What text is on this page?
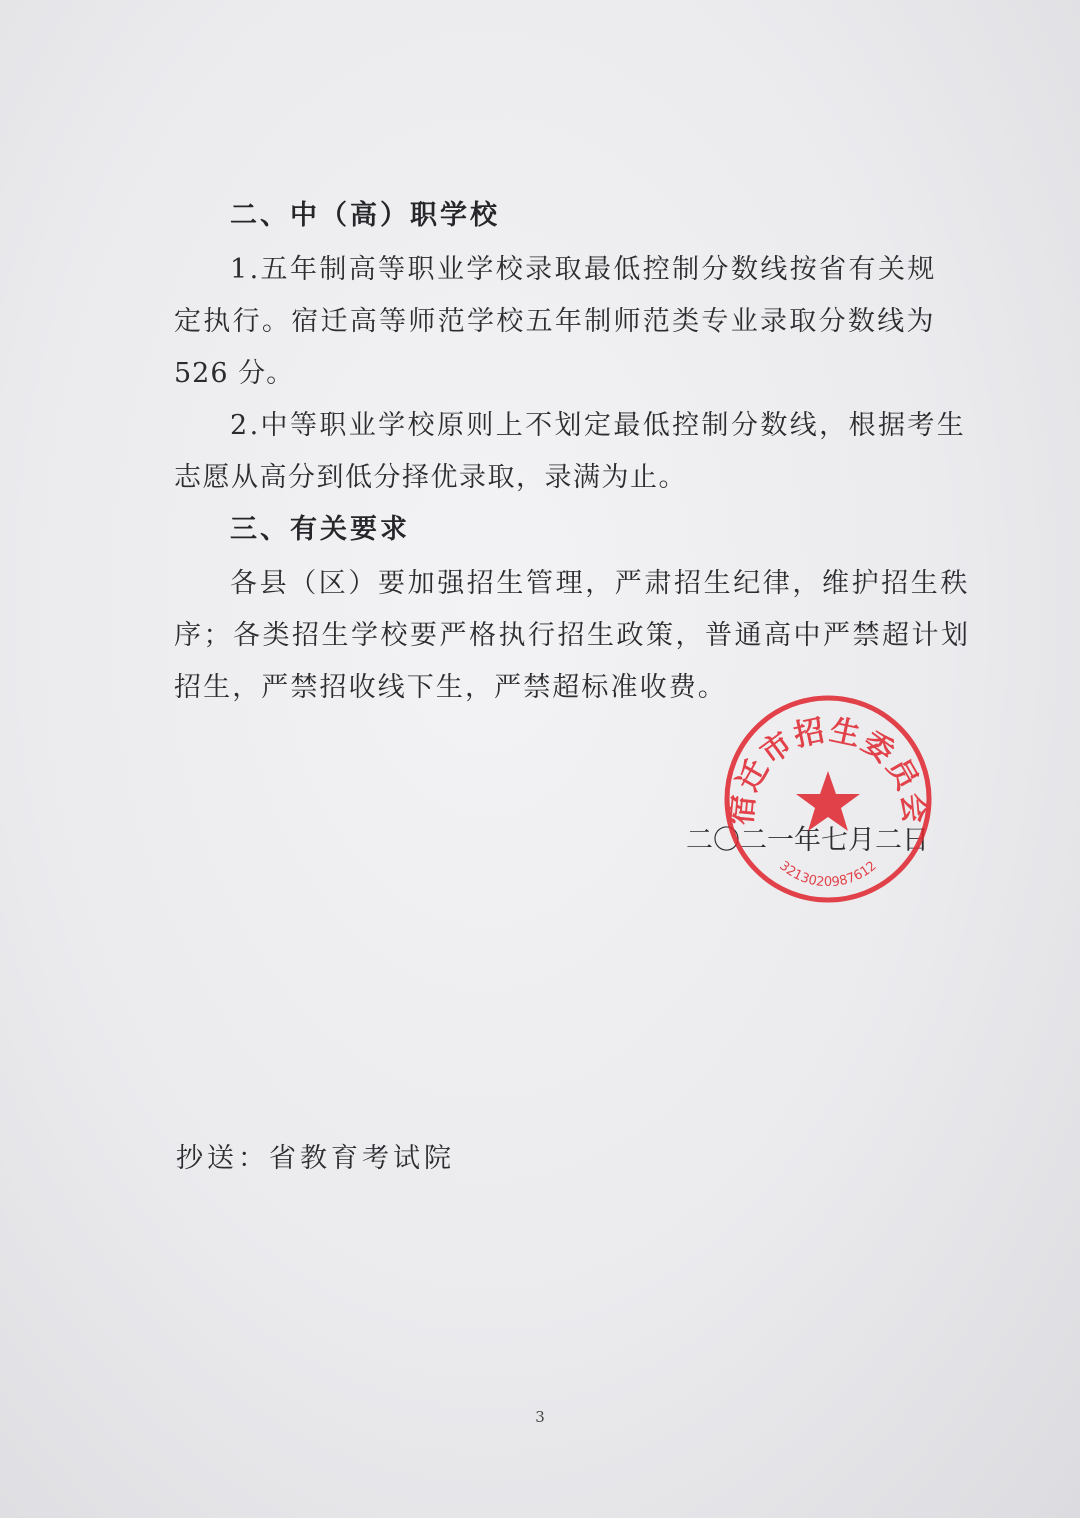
二、中（高）职学校
1.五年制高等职业学校录取最低控制分数线按省有关规
定执行。宿迁高等师范学校五年制师范类专业录取分数线为
526 分。
2.中等职业学校原则上不划定最低控制分数线，根据考生
志愿从高分到低分择优录取，录满为止。
三、有关要求
各县（区）要加强招生管理，严肃招生纪律，维护招生秩
序；各类招生学校要严格执行招生政策，普通高中严禁超计划
招生，严禁招收线下生，严禁超标准收费。
二〇二一年七月二日
宿迁市招生委员会
3213020987612
抄送：省教育考试院
3
